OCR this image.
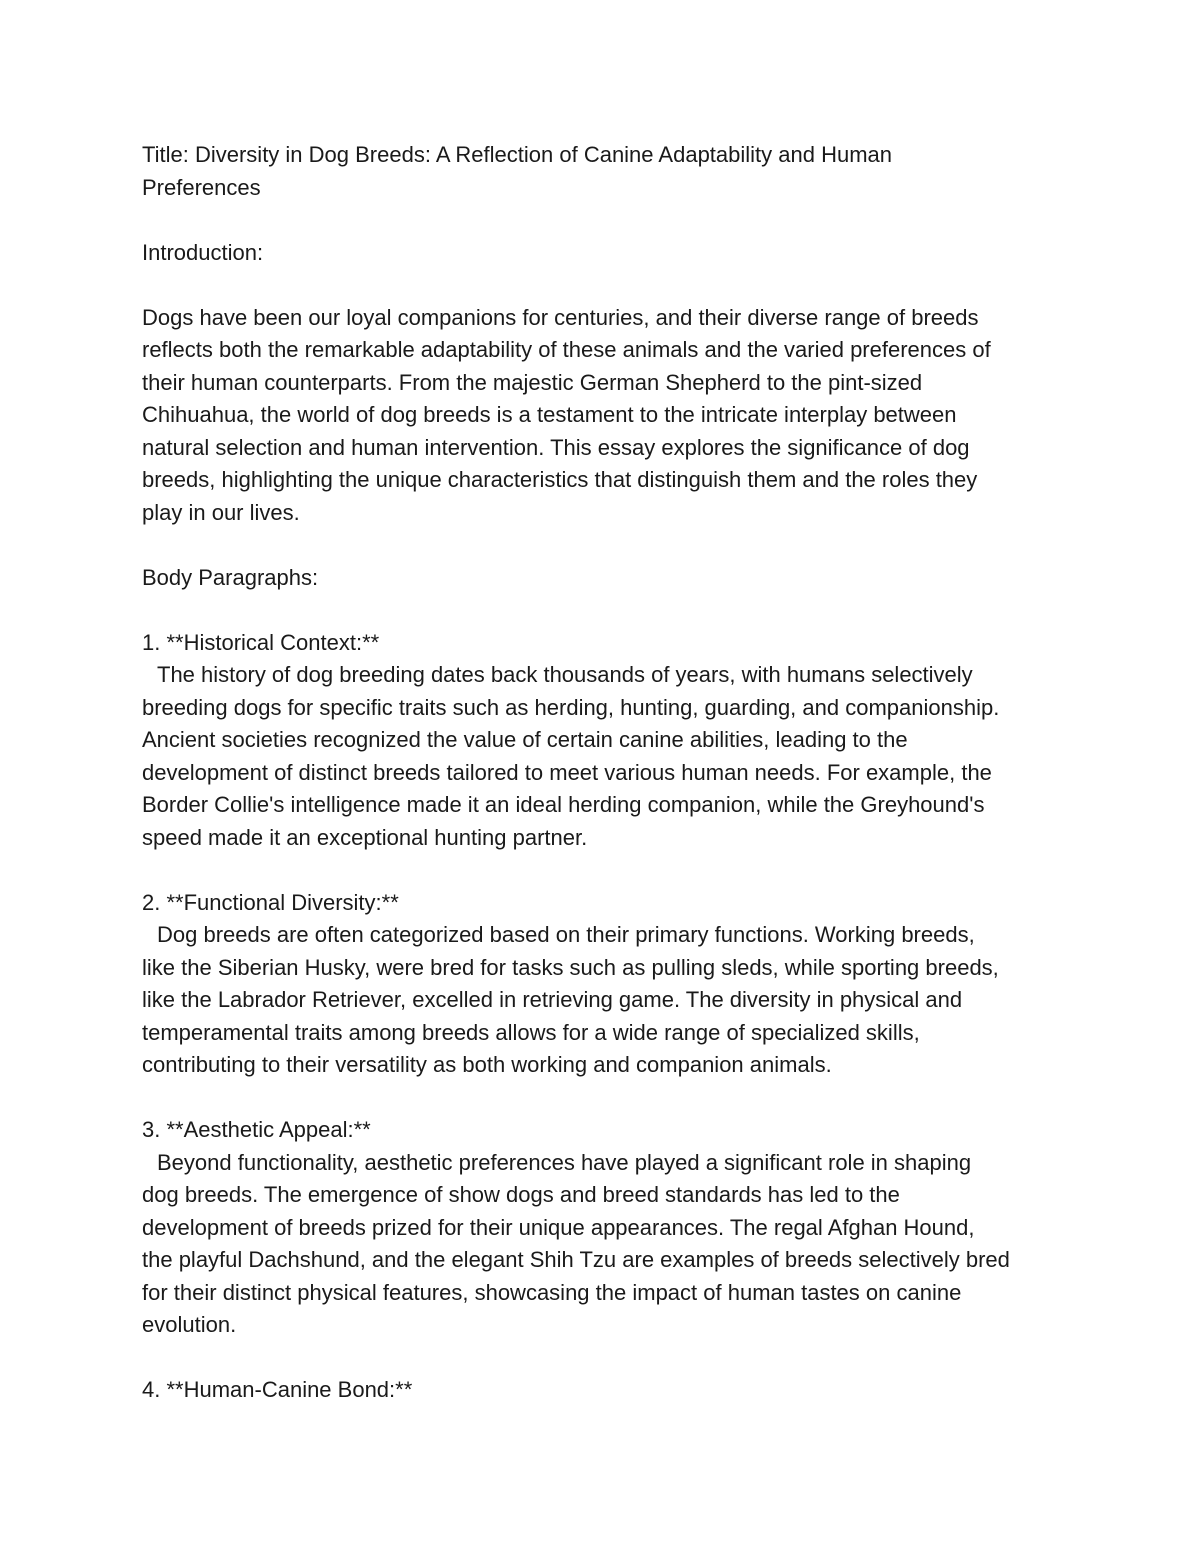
Title: Diversity in Dog Breeds: A Reflection of Canine Adaptability and Human
Preferences

Introduction:

Dogs have been our loyal companions for centuries, and their diverse range of breeds
reflects both the remarkable adaptability of these animals and the varied preferences of
their human counterparts. From the majestic German Shepherd to the pint-sized
Chihuahua, the world of dog breeds is a testament to the intricate interplay between
natural selection and human intervention. This essay explores the significance of dog
breeds, highlighting the unique characteristics that distinguish them and the roles they
play in our lives.

Body Paragraphs:

1. **Historical Context:**
The history of dog breeding dates back thousands of years, with humans selectively
breeding dogs for specific traits such as herding, hunting, guarding, and companionship.
Ancient societies recognized the value of certain canine abilities, leading to the
development of distinct breeds tailored to meet various human needs. For example, the
Border Collie's intelligence made it an ideal herding companion, while the Greyhound's
speed made it an exceptional hunting partner.

2. **Functional Diversity:**
Dog breeds are often categorized based on their primary functions. Working breeds,
like the Siberian Husky, were bred for tasks such as pulling sleds, while sporting breeds,
like the Labrador Retriever, excelled in retrieving game. The diversity in physical and
temperamental traits among breeds allows for a wide range of specialized skills,
contributing to their versatility as both working and companion animals.

3. **Aesthetic Appeal:**
Beyond functionality, aesthetic preferences have played a significant role in shaping
dog breeds. The emergence of show dogs and breed standards has led to the
development of breeds prized for their unique appearances. The regal Afghan Hound,
the playful Dachshund, and the elegant Shih Tzu are examples of breeds selectively bred
for their distinct physical features, showcasing the impact of human tastes on canine
evolution.

4. **Human-Canine Bond:**
